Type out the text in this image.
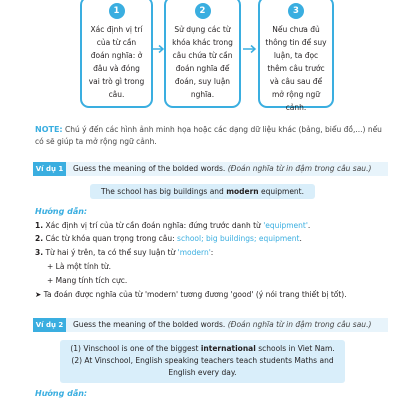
1
Xác định vị trí của từ cần đoán nghĩa: ở đâu và đóng vai trò gì trong câu.
2
Sử dụng các từ khóa khác trong câu chứa từ cần đoán nghĩa để đoán, suy luận nghĩa.
3
Nếu chưa đủ thông tin để suy luận, ta đọc thêm câu trước và câu sau để mở rộng ngữ cảnh.
NOTE: Chú ý đến các hình ảnh minh họa hoặc các dạng dữ liệu khác (bảng, biểu đồ,...) nếu có sẽ giúp ta mở rộng ngữ cảnh.
Ví dụ 1	Guess the meaning of the bolded words. (Đoán nghĩa từ in đậm trong câu sau.)
The school has big buildings and modern equipment.
Hướng dẫn:
1. Xác định vị trí của từ cần đoán nghĩa: đứng trước danh từ 'equipment'.
2. Các từ khóa quan trọng trong câu: school; big buildings; equipment.
3. Từ hai ý trên, ta có thể suy luận từ 'modern':
+ Là một tính từ.
+ Mang tính tích cực.
➤ Ta đoán được nghĩa của từ 'modern' tương đương 'good' (ý nói trang thiết bị tốt).
Ví dụ 2	Guess the meaning of the bolded words. (Đoán nghĩa từ in đậm trong câu sau.)
(1) Vinschool is one of the biggest international schools in Viet Nam.
(2) At Vinschool, English speaking teachers teach students Maths and English every day.
Hướng dẫn:
